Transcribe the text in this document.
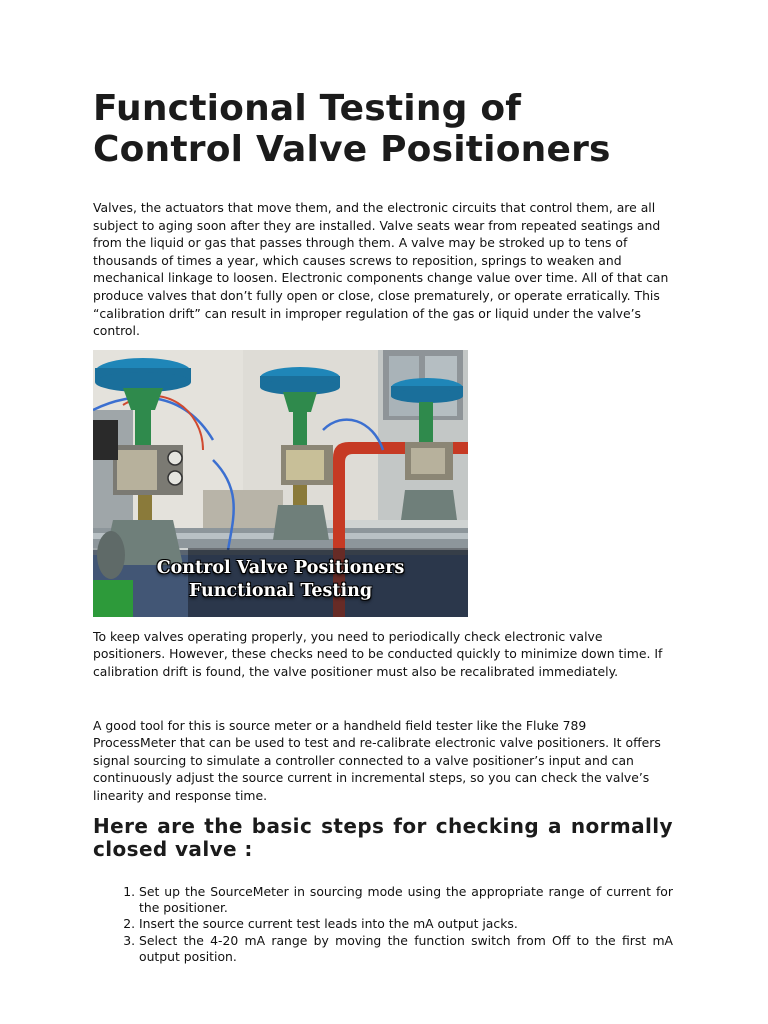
Functional Testing of Control Valve Positioners

Valves, the actuators that move them, and the electronic circuits that control them, are all subject to aging soon after they are installed. Valve seats wear from repeated seatings and from the liquid or gas that passes through them. A valve may be stroked up to tens of thousands of times a year, which causes screws to reposition, springs to weaken and mechanical linkage to loosen. Electronic components change value over time. All of that can produce valves that don’t fully open or close, close prematurely, or operate erratically. This “calibration drift” can result in improper regulation of the gas or liquid under the valve’s control.

Control Valve Positioners
Functional Testing

To keep valves operating properly, you need to periodically check electronic valve positioners. However, these checks need to be conducted quickly to minimize down time. If calibration drift is found, the valve positioner must also be recalibrated immediately.

A good tool for this is source meter or a handheld field tester like the Fluke 789 ProcessMeter that can be used to test and re-calibrate electronic valve positioners. It offers signal sourcing to simulate a controller connected to a valve positioner’s input and can continuously adjust the source current in incremental steps, so you can check the valve’s linearity and response time.

Here are the basic steps for checking a normally closed valve :
1. Set up the SourceMeter in sourcing mode using the appropriate range of current for the positioner.
2. Insert the source current test leads into the mA output jacks.
3. Select the 4-20 mA range by moving the function switch from Off to the first mA output position.
